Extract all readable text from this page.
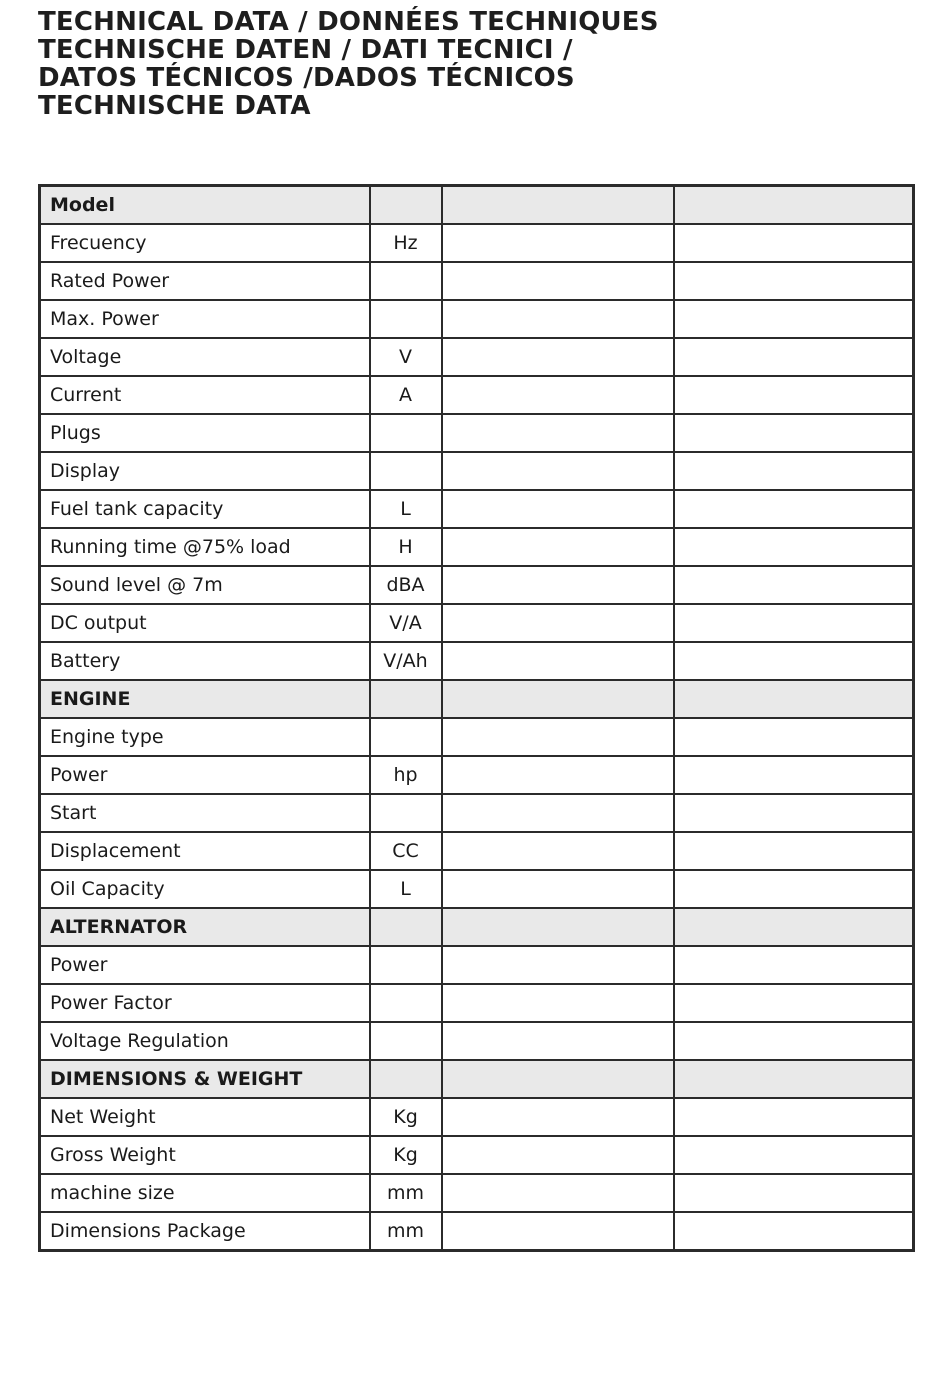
TECHNICAL DATA / DONNÉES TECHNIQUES
TECHNISCHE DATEN / DATI TECNICI /
DATOS TÉCNICOS /DADOS TÉCNICOS
TECHNISCHE DATA
Model			
Frecuency	Hz		
Rated Power			
Max. Power			
Voltage	V		
Current	A		
Plugs			
Display			
Fuel tank capacity	L		
Running time @75% load	H		
Sound level @ 7m	dBA		
DC output	V/A		
Battery	V/Ah		
ENGINE			
Engine type			
Power	hp		
Start			
Displacement	CC		
Oil Capacity	L		
ALTERNATOR			
Power			
Power Factor			
Voltage Regulation			
DIMENSIONS & WEIGHT			
Net Weight	Kg		
Gross Weight	Kg		
machine size	mm		
Dimensions Package	mm		
